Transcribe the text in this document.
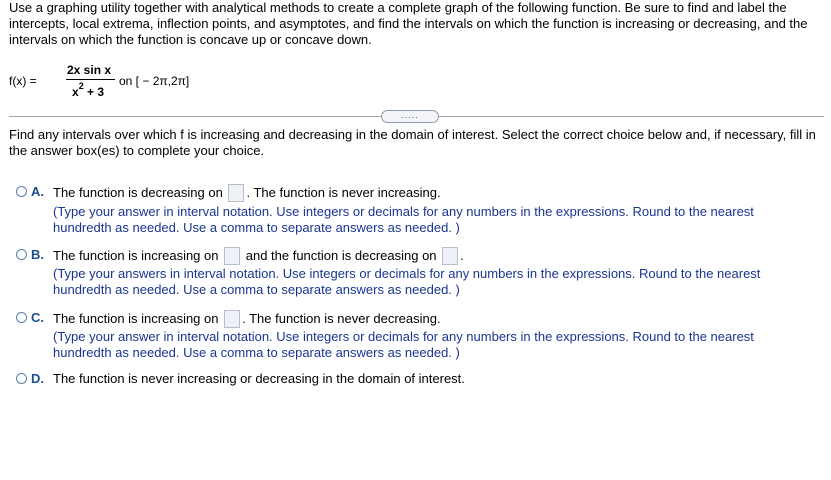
Use a graphing utility together with analytical methods to create a complete graph of the following function. Be sure to find and label the intercepts, local extrema, inflection points, and asymptotes, and find the intervals on which the function is increasing or decreasing, and the intervals on which the function is concave up or concave down.
f(x) =
2x sin x
$x^2 + 3$
on [ − 2π,2π]
.....
Find any intervals over which f is increasing and decreasing in the domain of interest. Select the correct choice below and, if necessary, fill in the answer box(es) to complete your choice.
A. The function is decreasing on . The function is never increasing.
(Type your answer in interval notation. Use integers or decimals for any numbers in the expressions. Round to the nearest hundredth as needed. Use a comma to separate answers as needed. )
B. The function is increasing on and the function is decreasing on .
(Type your answers in interval notation. Use integers or decimals for any numbers in the expressions. Round to the nearest hundredth as needed. Use a comma to separate answers as needed. )
C. The function is increasing on . The function is never decreasing.
(Type your answer in interval notation. Use integers or decimals for any numbers in the expressions. Round to the nearest hundredth as needed. Use a comma to separate answers as needed. )
D. The function is never increasing or decreasing in the domain of interest.
